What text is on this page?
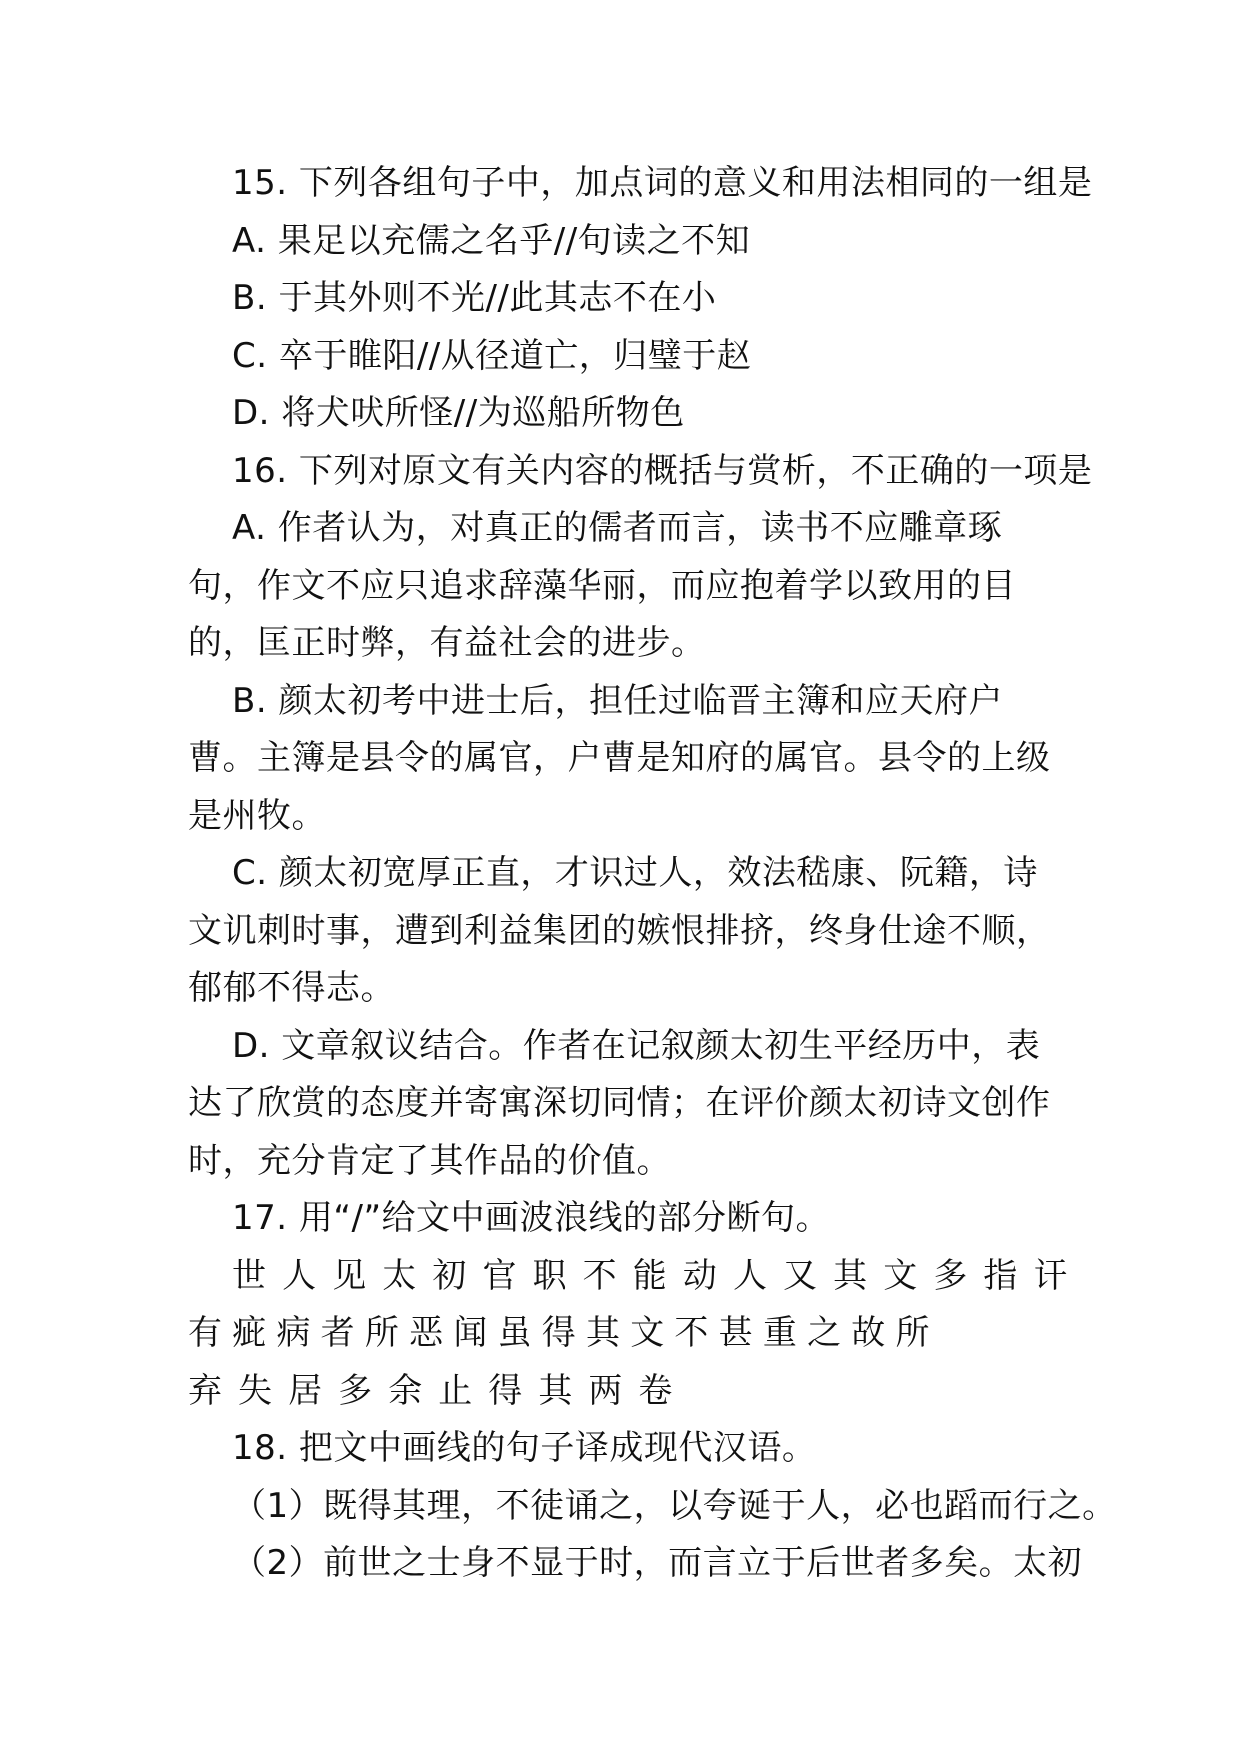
15. 下列各组句子中，加点词的意义和用法相同的一组是
A. 果足以充儒之名乎//句读之不知
B. 于其外则不光//此其志不在小
C. 卒于睢阳//从径道亡，归璧于赵
D. 将犬吠所怪//为巡船所物色
16. 下列对原文有关内容的概括与赏析，不正确的一项是
A. 作者认为，对真正的儒者而言，读书不应雕章琢句，作文不应只追求辞藻华丽，而应抱着学以致用的目的，匡正时弊，有益社会的进步。
B. 颜太初考中进士后，担任过临晋主簿和应天府户曹。主簿是县令的属官，户曹是知府的属官。县令的上级是州牧。
C. 颜太初宽厚正直，才识过人，效法嵇康、阮籍，诗文讥刺时事，遭到利益集团的嫉恨排挤，终身仕途不顺，郁郁不得志。
D. 文章叙议结合。作者在记叙颜太初生平经历中，表达了欣赏的态度并寄寓深切同情；在评价颜太初诗文创作时，充分肯定了其作品的价值。
17. 用“/”给文中画波浪线的部分断句。
世 人 见 太 初 官 职 不 能 动 人 又 其 文 多 指 讦
有 疵 病 者 所 恶 闻 虽 得 其 文 不 甚 重 之 故 所
弃 失 居 多 余 止 得 其 两 卷
18. 把文中画线的句子译成现代汉语。
（1）既得其理，不徒诵之，以夸诞于人，必也蹈而行之。
（2）前世之士身不显于时，而言立于后世者多矣。太初
